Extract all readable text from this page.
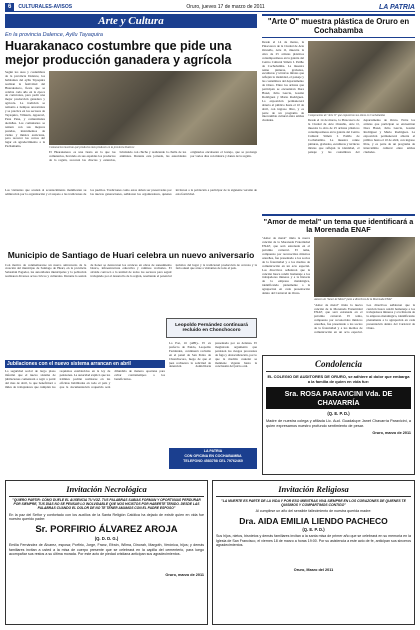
6	CULTURALES-AVISOS	Oruro, jueves 17 de marzo de 2011	LA PATRIA
Arte y Cultura
En la provincia Dalence, Ayllu Tayaquira
Huarakanaco costumbre que pide una mejor producción ganadera y agrícola
Según los usos y costumbres de la provincia Dalence, los habitantes del ayllu Tayaquira realizan la festividad del Huarakanaco, fiesta que se celebra cada año en la época de carnavales, para pedir una mejor producción ganadera y agrícola. La tradición se remonta a tiempos ancestrales y se practica en los sectores de Tayaquira, Villazón, Ayparavi, Pana Pana, y comunidades aledañas. Los comunarios se reúnen con sus mejores prendas, instrumentos de viento y música autóctona, para recorrer los cerros del lugar en agradecimiento a la Pachamama.	Comunarios muestran qué productos más producen en la provincia Dalence
El Huarakanaco es una fiesta en la que los comunarios, llevando en sus espaldas los productos de la región, recorren las chacras y estancias, brindando con chicha y realizando la challa de los animales. Durante esta jornada, las autoridades originarias encabezan el festejo, que se prolonga por varios días con música y danza de la región.
Los visitantes que acuden al acontecimiento manifiestan su admiración por la organización y el respeto a las tradiciones de los pueblos. Tradiciones como estas deben ser preservadas por las nuevas generaciones, señalaron los organizadores, quienes invitaron a la población a participar de la siguiente versión de esta festividad.
Municipio de Santiago de Huari celebra un nuevo aniversario
Con motivo de conmemorarse un nuevo aniversario de la creación del municipio de Santiago de Huari, en la provincia Sebastián Pagador, las autoridades municipales y la población realizaron diversos actos cívicos y culturales. Durante la sesión de honor se destacaron los avances en obras de saneamiento básico, infraestructura educativa y caminos vecinales. El alcalde convocó a la unidad de todos los sectores para seguir trabajando por el desarrollo de la región, resaltando el potencial turístico del lugar y la tradicional producción de cerveza y la feria anual que atrae a visitantes de todo el país.
Leopoldo Fernández continuará recluido en Chonchocoro
Jubilaciones con el nuevo sistema arrancan en abril
La seguridad social de largo plazo informó que el nuevo sistema de jubilaciones comenzará a regir a partir del mes de abril, lo que beneficiará a miles de trabajadores que cumplan los requisitos establecidos en la ley de pensiones. La autoridad explicó que los trámites podrán realizarse en las oficinas habilitadas en todo el país y que la documentación requerida será difundida de manera oportuna para evitar contratiempos a los beneficiarios.
La Paz, 16 (ABI).- El ex prefecto de Pando, Leopoldo Fernández, continuará recluido en el penal de San Pedro de Chonchocoro, luego de que el juez rechazara la solicitud de detención domiciliaria presentada por su defensa. El magistrado argumentó que persisten los riesgos procesales de fuga y obstaculización, por lo que la medida cautelar se mantiene vigente hasta la conclusión del juicio oral.
LA PATRIA
CON OFICINA EN COCHABAMBA
TELEFONO 4583758 CEL 79762460
"Arte O" muestra plástica de Oruro en Cochabamba
Desde el 14 de marzo, la Pinacoteca de la Ciudad de Arte Orureño, Arte O, muestra la obra de 25 artistas plásticos contemporáneos en la galería del Centro Cultural Simón I. Patiño de Cochabamba. La muestra reúne pinturas, grabados, esculturas y técnicas mixtas que reflejan la identidad, el paisaje y las costumbres del departamento de Oruro. Entre los artistas que participan se encuentran Dora Hazel, Julio García, Gastón Rodríguez y Mario Rodríguez. La exposición permanecerá abierta al público hasta el 10 de abril, con ingreso libre, y es parte de un programa de intercambio cultural entre ambas ciudades.
Componentes de "Arte O" que expusieron sus obras en Cochabamba
Desde el 14 de marzo, la Pinacoteca de la Ciudad de Arte Orureño, Arte O, muestra la obra de 25 artistas plásticos contemporáneos en la galería del Centro Cultural Simón I. Patiño de Cochabamba. La muestra reúne pinturas, grabados, esculturas y técnicas mixtas que reflejan la identidad, el paisaje y las costumbres del departamento de Oruro. Entre los artistas que participan se encuentran Dora Hazel, Julio García, Gastón Rodríguez y Mario Rodríguez. La exposición permanecerá abierta al público hasta el 10 de abril, con ingreso libre, y es parte de un programa de intercambio cultural entre ambas ciudades.
"Amor de metal" un tema que identificará a la Morenada ENAF
"Amor de metal" titula la nueva canción de la Morenada Fraternidad ENAF, que será estrenada en el próximo carnaval. El tema, compuesto por reconocidos músicos orureños, fue presentado a los socios de la fraternidad y a los medios de comunicación en un acto especial. Los directivos señalaron que la canción busca rendir homenaje a los trabajadores mineros y a la historia de la empresa metalúrgica, identificando plenamente a la agrupación en cada presentación dentro del Carnaval de Oruro.
Autores de "Amor de Metal" junto a directivos de la Morenada ENAF
"Amor de metal" titula la nueva canción de la Morenada Fraternidad ENAF, que será estrenada en el próximo carnaval. El tema, compuesto por reconocidos músicos orureños, fue presentado a los socios de la fraternidad y a los medios de comunicación en un acto especial. Los directivos señalaron que la canción busca rendir homenaje a los trabajadores mineros y a la historia de la empresa metalúrgica, identificando plenamente a la agrupación en cada presentación dentro del Carnaval de Oruro.
Condolencia
EL COLEGIO DE AUDITORES DE ORURO, se adhiere al dolor que embarga a la familia de quien en vida fue:
Sra. ROSA PARAVICINI Vda. DE CHAVARRÍA
(Q. E. P. D.)
Madre de nuestra colega y afiliada Lic. Aud. Guadalupe Janet Chavarría Paravicini, a quien expresamos nuestro profundo sentimiento de pesar.
Oruro, marzo de 2011
Invitación Necrológica
"QUIERO PARTIR: CÓMO DUELE EL AUSENCIA TU VOZ. TUS PALABRAS SABIAS FORMAN Y OPORTUNAS PERDURAR POR SIEMPRE, TUS DÍAS NO SE PENSAR LO INOLVIDABLE QUE NOS HICISTOS POR HABERTE TENIDO. DESDE LAS PALABRAS CUANDO EL DOLOR DE NO TE TENER AMAMOS CON EL PADRE ESPOSO"
En la paz del Señor y confortado con los auxilios de la Santa Religión Católica ha dejado de existir quien en vida fue nuestro querido padre:
Sr. PORFIRIO ÁLVAREZ AROJA
(Q. D. D. G.)
Emilia Fernández de Álvarez, esposa; Porfirio, Jorge, Franz, Efraín, Wilma, Dinorah, Margoth, Verónica, hijos; y demás familiares invitan a usted a la misa de cuerpo presente que se celebrará en la capilla del cementerio, para luego acompañar sus restos a su última morada. Por este acto de piedad cristiana anticipan sus agradecimientos.
Oruro, marzo de 2011
Invitación Religiosa
"LA MUERTE ES PARTE DE LA VIDA Y POR ESO MIENTRAS VIVA SIEMPRE EN LOS CORAZONES DE QUIENES TE QUISIMOS Y COMPARTIMOS CONTIGO"
Al cumplirse un año del sensible fallecimiento de nuestra querida madre:
Dra. AIDA EMILIA LIENDO PACHECO
(Q. E. P. D.)
Sus hijos, nietos, bisnietos y demás familiares invitan a la santa misa de primer año que se celebrará en su memoria en la Iglesia de San Francisco, el viernes 18 de marzo a horas 19:00. Por su asistencia a este acto de fe, anticipan sus sinceros agradecimientos.
Oruro, Marzo del 2011
